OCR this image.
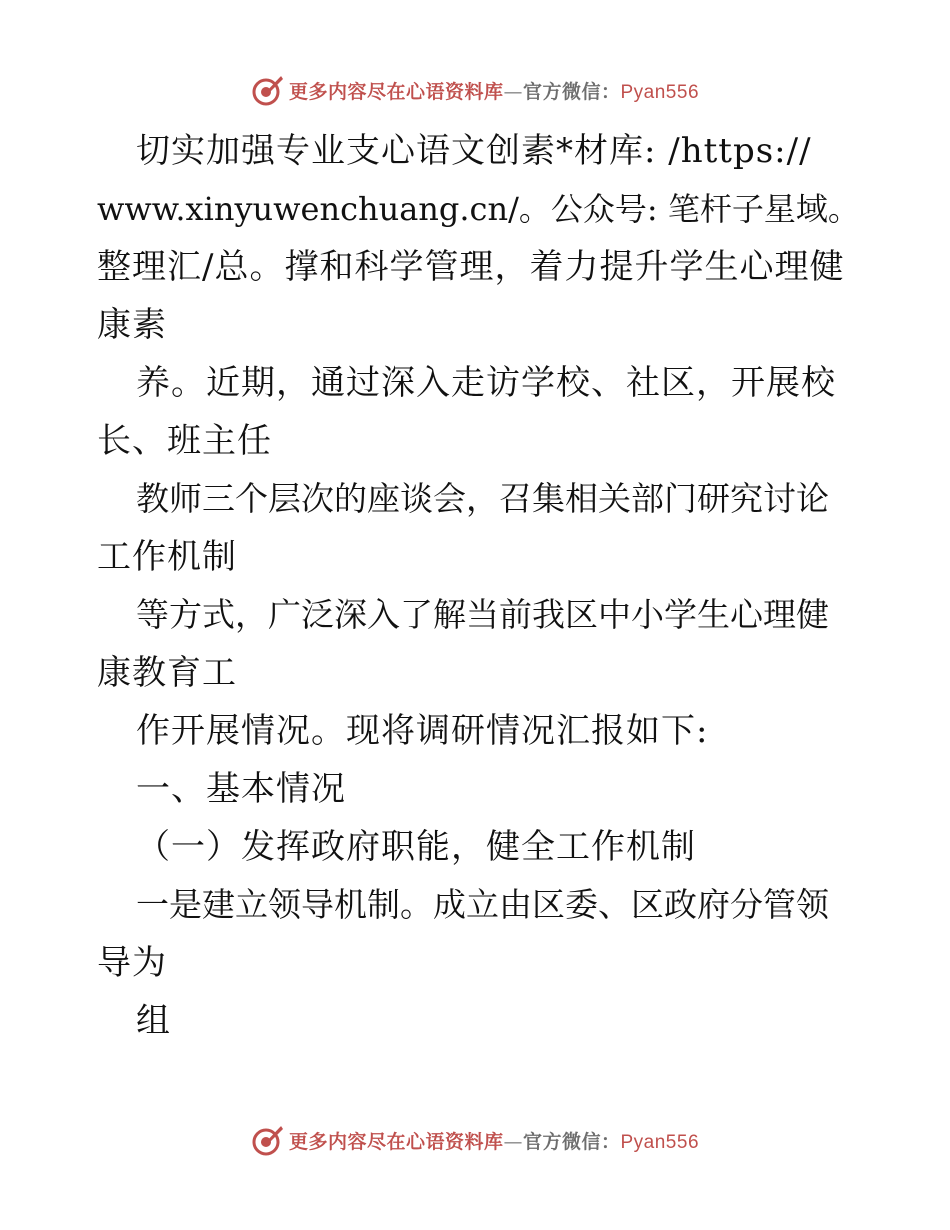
更多内容尽在心语资料库—官方微信：Pyan556
切实加强专业支心语文创素*材库: /https://
www.xinyuwenchuang.cn/。公众号: 笔杆子星域。
整理汇/总。撑和科学管理，着力提升学生心理健
康素
养。近期，通过深入走访学校、社区，开展校
长、班主任
教师三个层次的座谈会，召集相关部门研究讨论
工作机制
等方式，广泛深入了解当前我区中小学生心理健
康教育工
作开展情况。现将调研情况汇报如下:
一、基本情况
（一）发挥政府职能，健全工作机制
一是建立领导机制。成立由区委、区政府分管领
导为
组
更多内容尽在心语资料库—官方微信：Pyan556
